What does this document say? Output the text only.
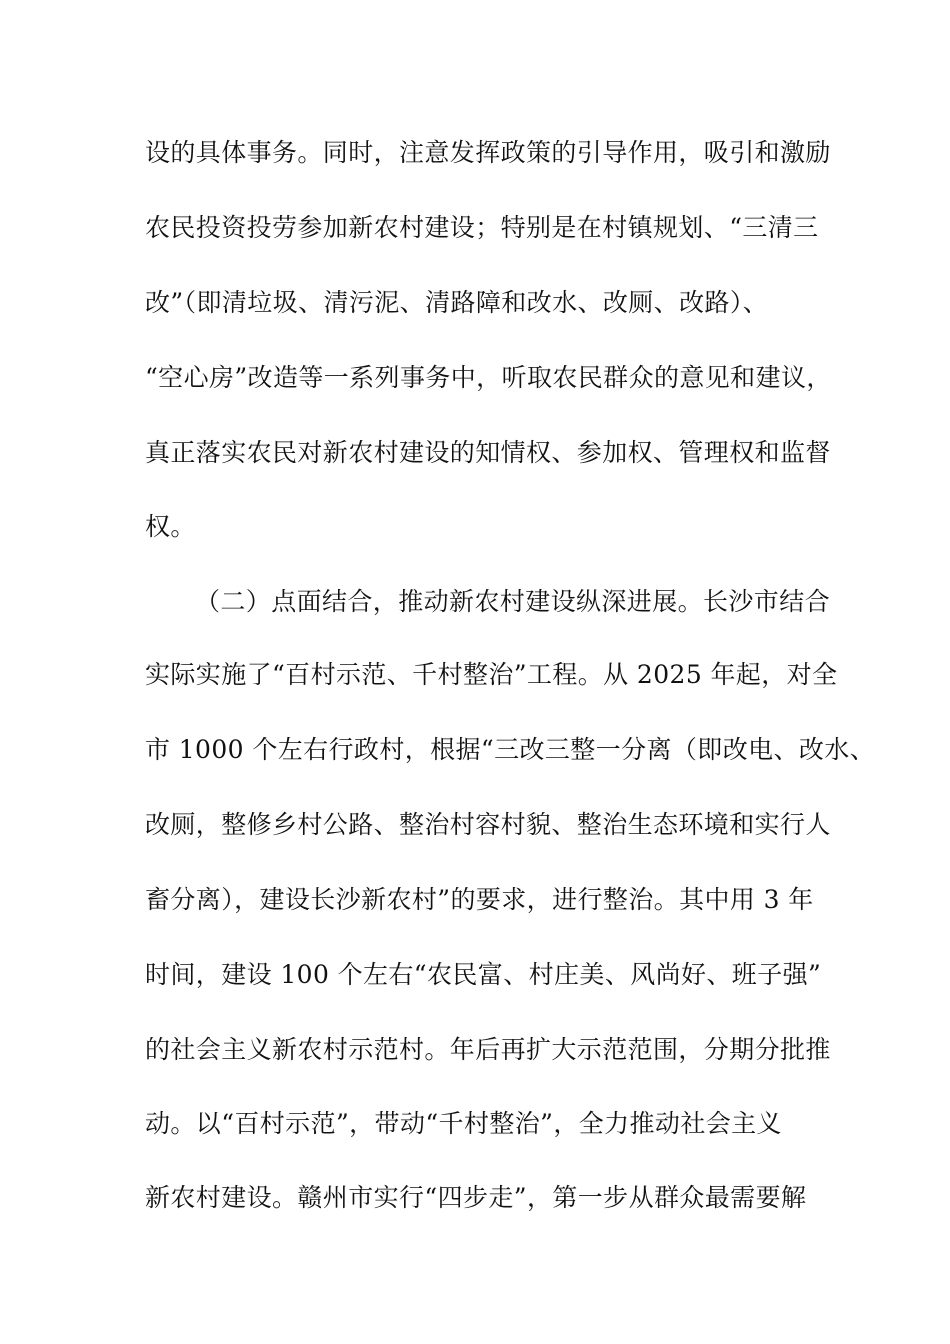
设的具体事务。同时，注意发挥政策的引导作用，吸引和激励
农民投资投劳参加新农村建设；特别是在村镇规划、“三清三
改”（即清垃圾、清污泥、清路障和改水、改厕、改路）、
“空心房”改造等一系列事务中，听取农民群众的意见和建议，
真正落实农民对新农村建设的知情权、参加权、管理权和监督
权。
（二）点面结合，推动新农村建设纵深进展。长沙市结合
实际实施了“百村示范、千村整治”工程。从 2025 年起，对全
市 1000 个左右行政村，根据“三改三整一分离（即改电、改水、
改厕，整修乡村公路、整治村容村貌、整治生态环境和实行人
畜分离），建设长沙新农村”的要求，进行整治。其中用 3 年
时间，建设 100 个左右“农民富、村庄美、风尚好、班子强”
的社会主义新农村示范村。年后再扩大示范范围，分期分批推
动。以“百村示范”，带动“千村整治”，全力推动社会主义
新农村建设。赣州市实行“四步走”，第一步从群众最需要解
